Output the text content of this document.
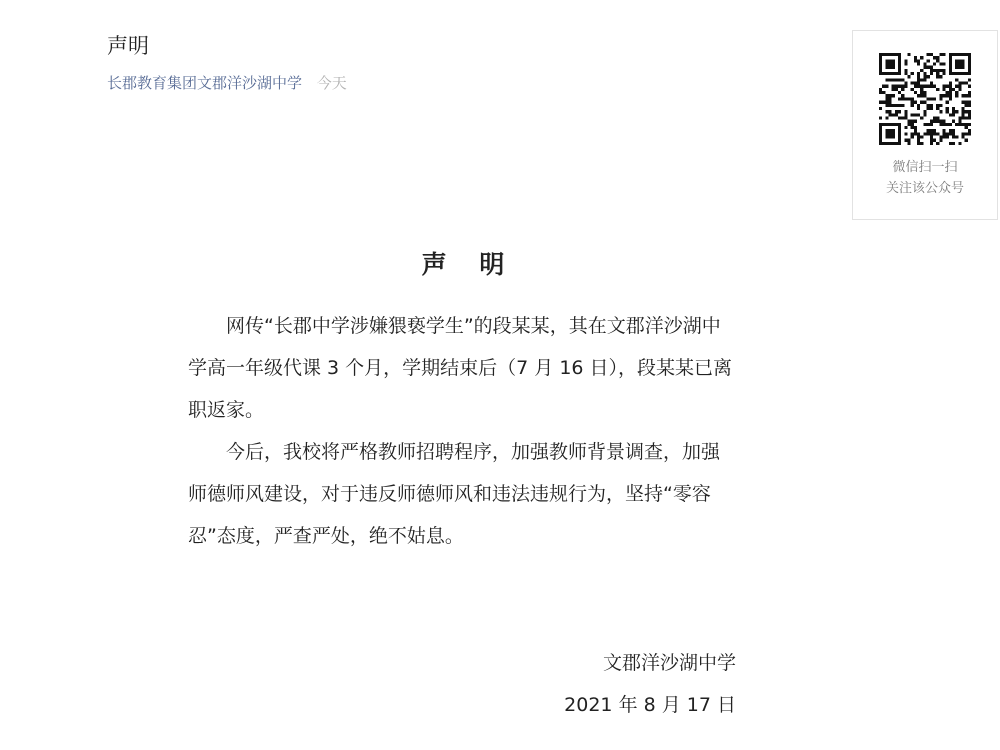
声明
长郡教育集团文郡洋沙湖中学 今天
微信扫一扫
关注该公众号
声 明

网传“长郡中学涉嫌猥亵学生”的段某某，其在文郡洋沙湖中学高一年级代课 3 个月，学期结束后（7 月 16 日），段某某已离职返家。

今后，我校将严格教师招聘程序，加强教师背景调查，加强师德师风建设，对于违反师德师风和违法违规行为，坚持“零容忍”态度，严查严处，绝不姑息。

文郡洋沙湖中学
2021 年 8 月 17 日
